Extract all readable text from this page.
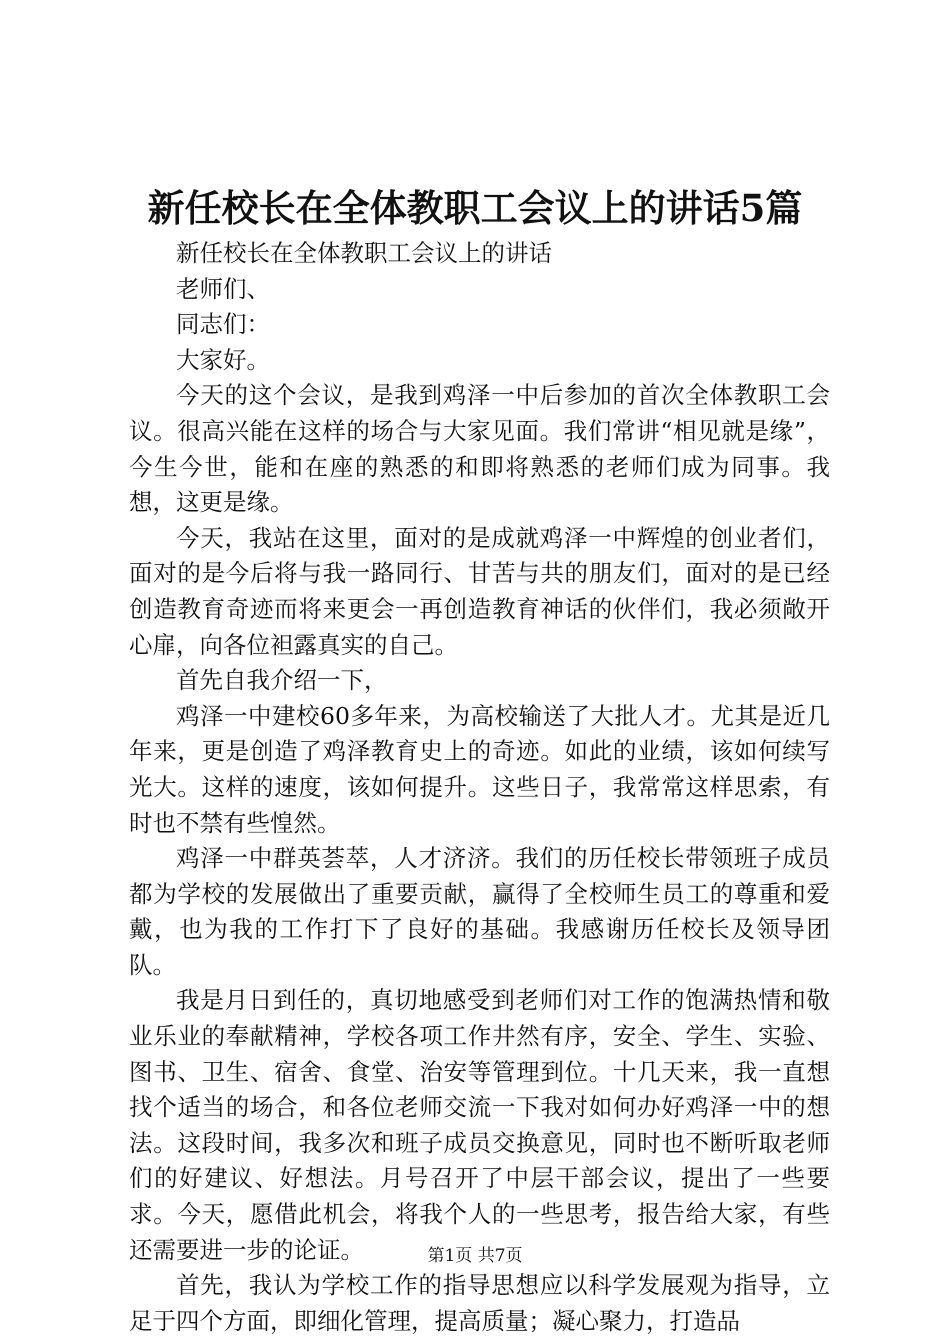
新任校长在全体教职工会议上的讲话5篇

新任校长在全体教职工会议上的讲话

老师们、

同志们：

大家好。

今天的这个会议，是我到鸡泽一中后参加的首次全体教职工会议。很高兴能在这样的场合与大家见面。我们常讲“相见就是缘”，今生今世，能和在座的熟悉的和即将熟悉的老师们成为同事。我想，这更是缘。

今天，我站在这里，面对的是成就鸡泽一中辉煌的创业者们，面对的是今后将与我一路同行、甘苦与共的朋友们，面对的是已经创造教育奇迹而将来更会一再创造教育神话的伙伴们，我必须敞开心扉，向各位袒露真实的自己。

首先自我介绍一下，

鸡泽一中建校60多年来，为高校输送了大批人才。尤其是近几年来，更是创造了鸡泽教育史上的奇迹。如此的业绩，该如何续写光大。这样的速度，该如何提升。这些日子，我常常这样思索，有时也不禁有些惶然。

鸡泽一中群英荟萃，人才济济。我们的历任校长带领班子成员都为学校的发展做出了重要贡献，赢得了全校师生员工的尊重和爱戴，也为我的工作打下了良好的基础。我感谢历任校长及领导团队。

我是月日到任的，真切地感受到老师们对工作的饱满热情和敬业乐业的奉献精神，学校各项工作井然有序，安全、学生、实验、图书、卫生、宿舍、食堂、治安等管理到位。十几天来，我一直想找个适当的场合，和各位老师交流一下我对如何办好鸡泽一中的想法。这段时间，我多次和班子成员交换意见，同时也不断听取老师们的好建议、好想法。月号召开了中层干部会议，提出了一些要求。今天，愿借此机会，将我个人的一些思考，报告给大家，有些还需要进一步的论证。

首先，我认为学校工作的指导思想应以科学发展观为指导，立足于四个方面，即细化管理，提高质量；凝心聚力，打造品

第1页 共7页
